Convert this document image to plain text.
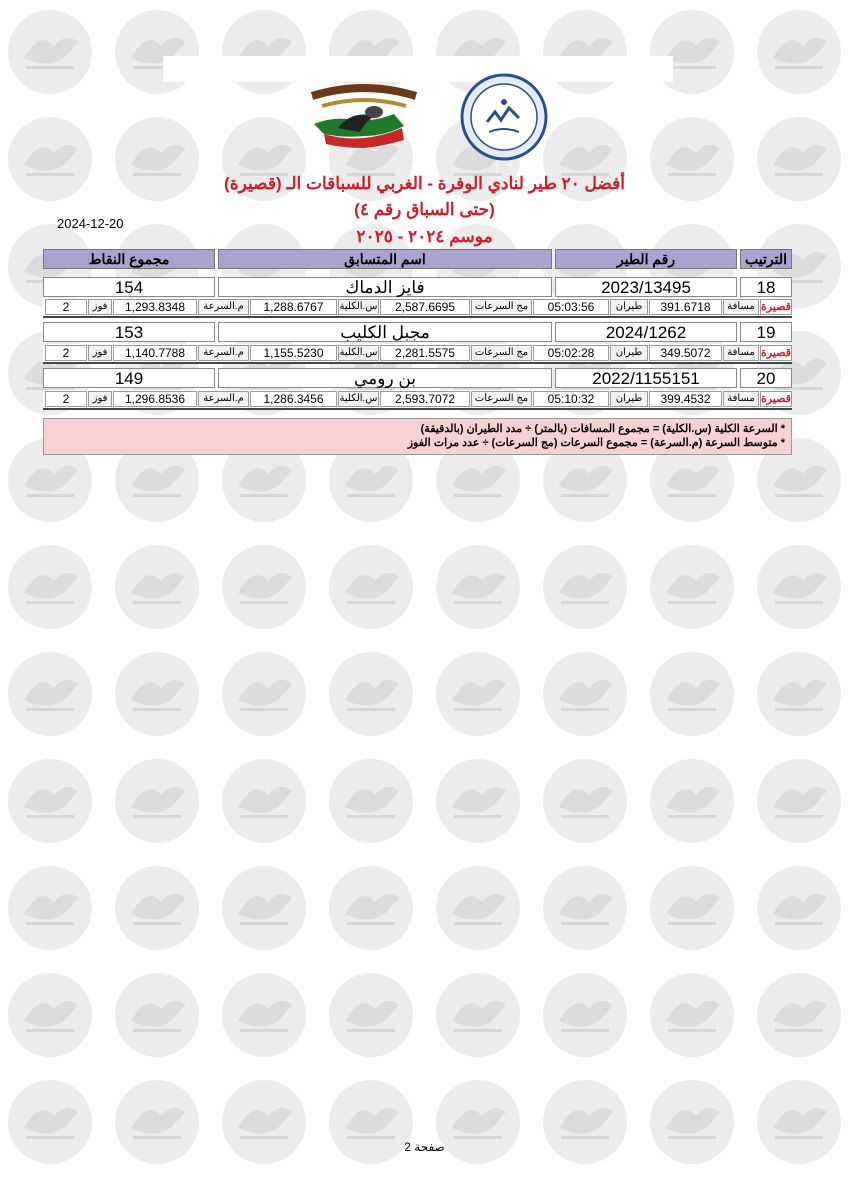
أفضل ٢٠ طير لنادي الوفرة - الغربي للسباقات الـ (قصيرة)
(حتى السباق رقم ٤)
موسم ٢٠٢٤ - ٢٠٢٥
2024-12-20
الترتيب
رقم الطير
اسم المتسابق
مجموع النقاط
18
2023/13495
فايز الدماك
154
قصيرة
مسافة
391.6718
طيران
05:03:56
مج السرعات
2,587.6695
س.الكلية
1,288.6767
م.السرعة
1,293.8348
فوز
2
19
2024/1262
مجبل الكليب
153
قصيرة
مسافة
349.5072
طيران
05:02:28
مج السرعات
2,281.5575
س.الكلية
1,155.5230
م.السرعة
1,140.7788
فوز
2
20
2022/1155151
بن رومي
149
قصيرة
مسافة
399.4532
طيران
05:10:32
مج السرعات
2,593.7072
س.الكلية
1,286.3456
م.السرعة
1,296.8536
فوز
2
* السرعة الكلية (س.الكلية) = مجموع المسافات (بالمتر) ÷ مدد الطيران (بالدقيقة)
* متوسط السرعة (م.السرعة) = مجموع السرعات (مج السرعات) ÷ عدد مرات الفوز
صفحة 2
